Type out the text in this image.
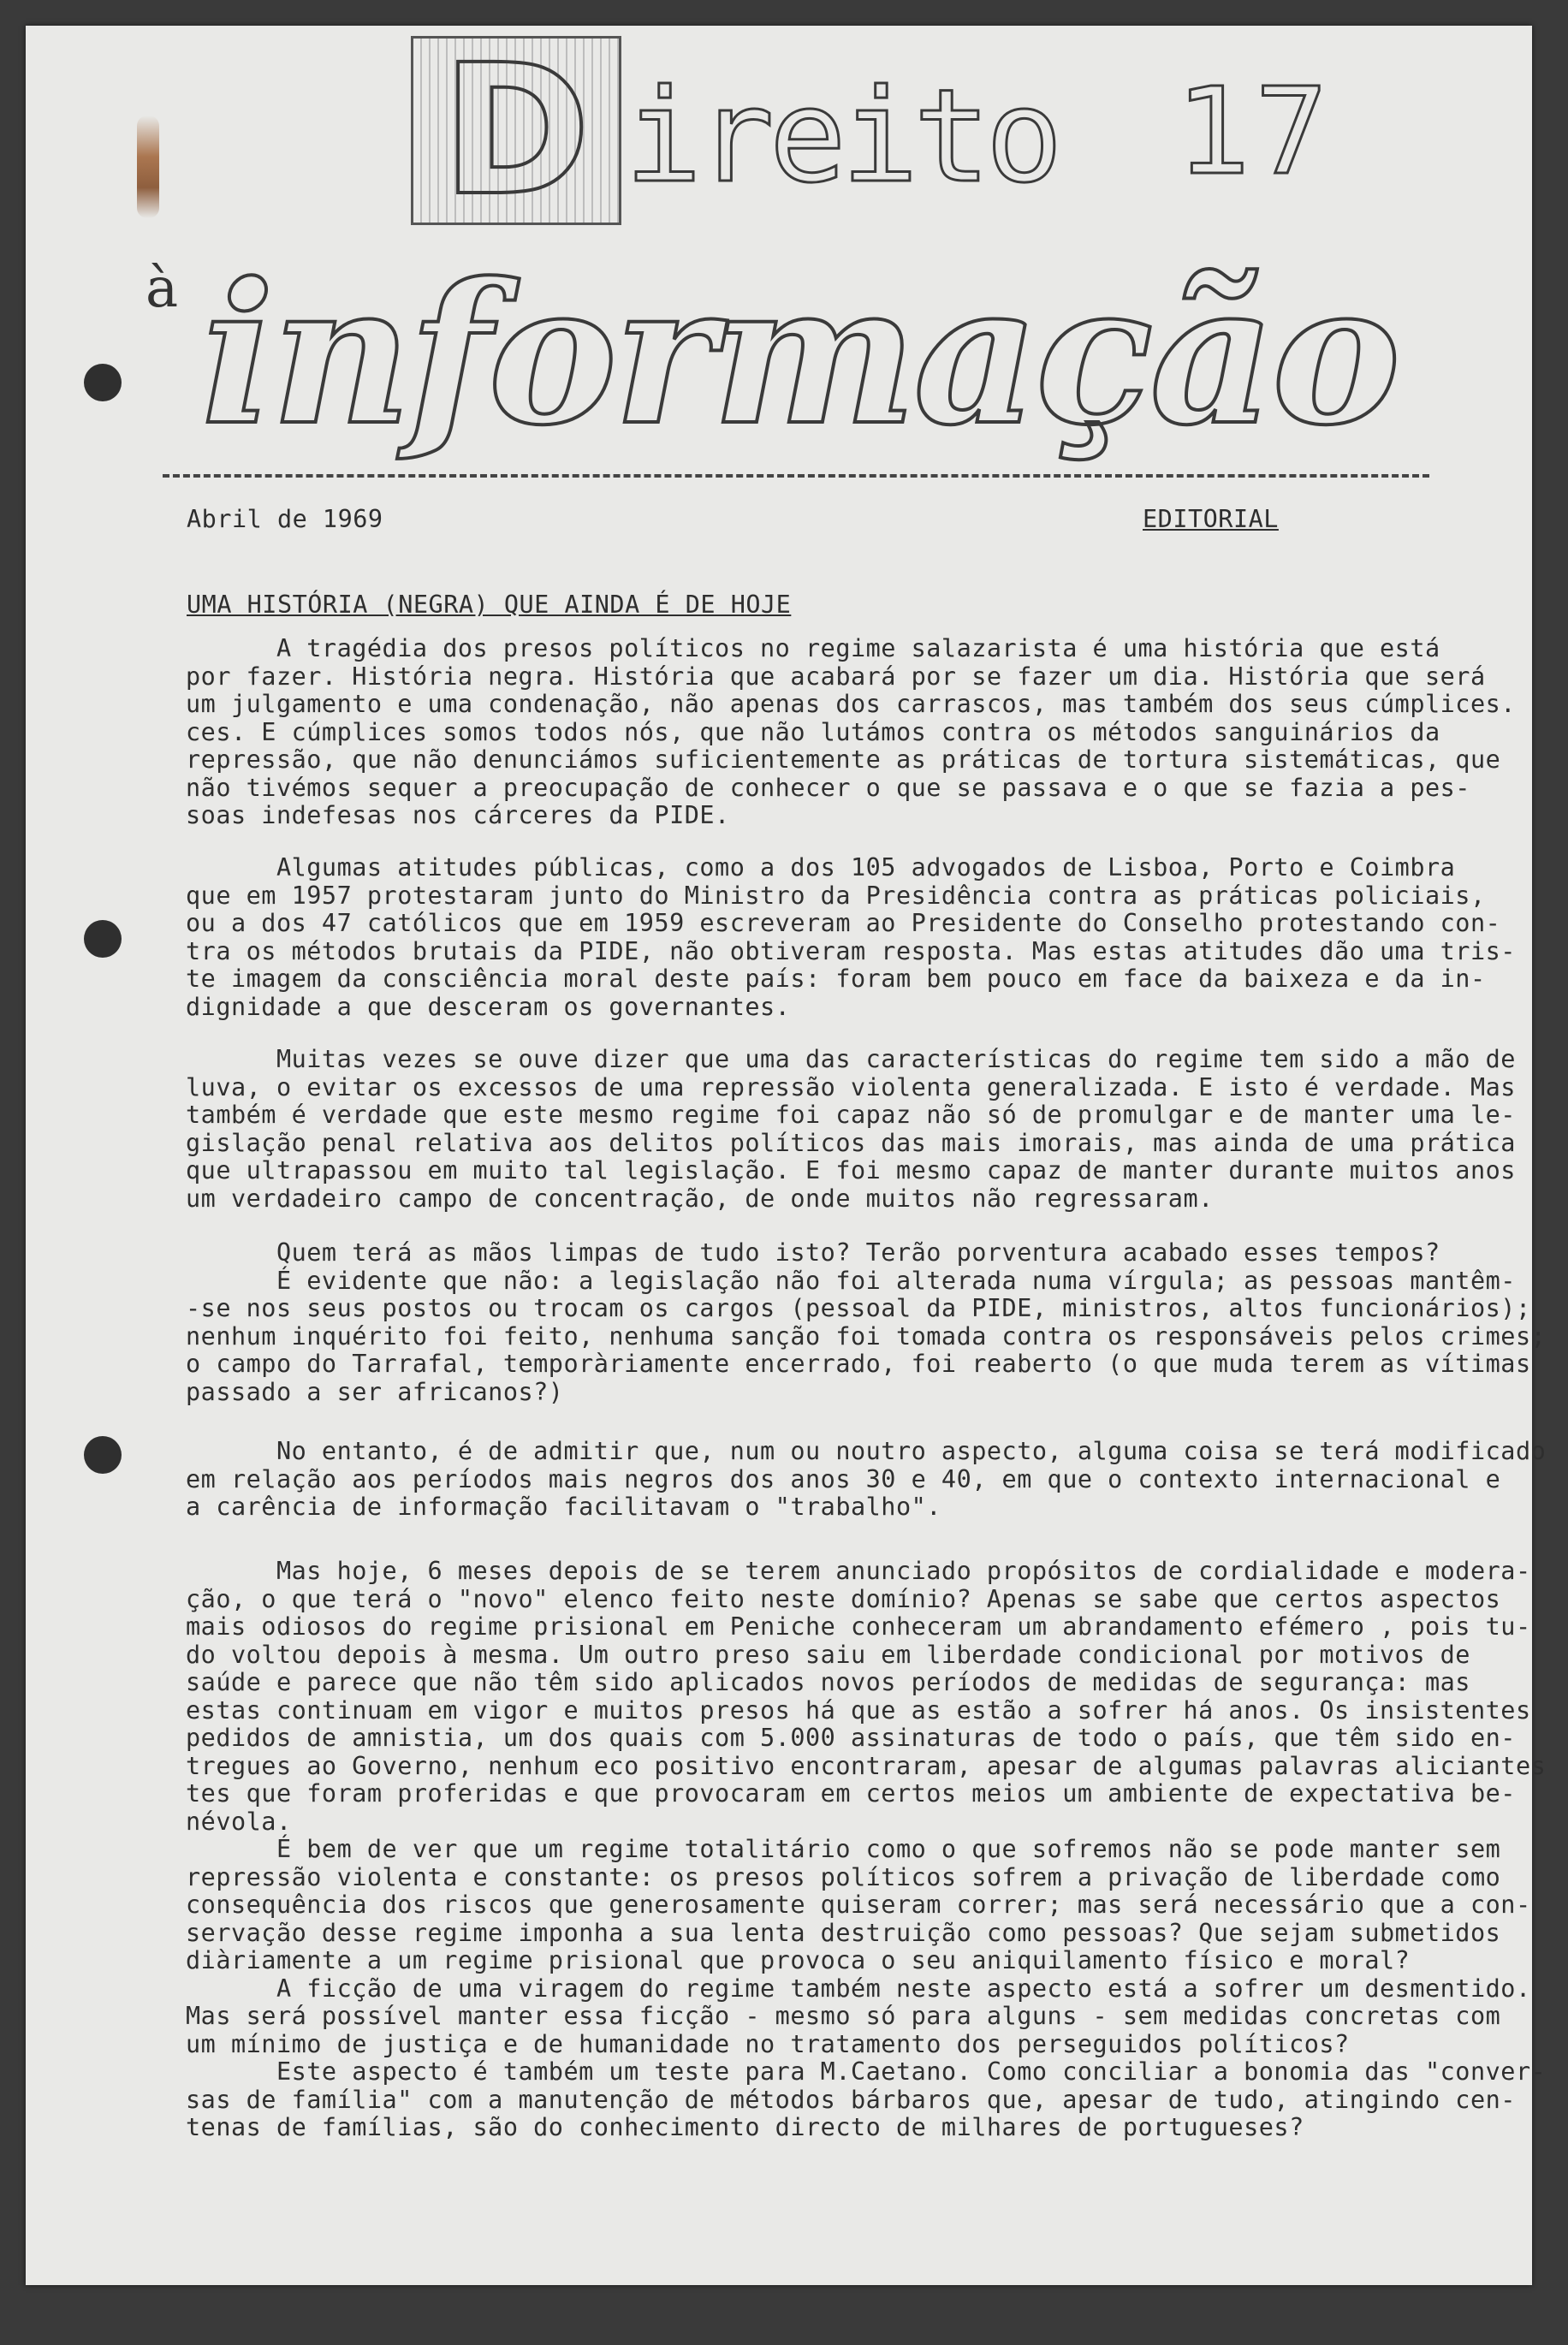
D ireito 17
à informação
Abril de 1969	EDITORIAL
UMA HISTÓRIA (NEGRA) QUE AINDA É DE HOJE
A tragédia dos presos políticos no regime salazarista é uma história que está
por fazer. História negra. História que acabará por se fazer um dia. História que será
um julgamento e uma condenação, não apenas dos carrascos, mas também dos seus cúmplices.
ces. E cúmplices somos todos nós, que não lutámos contra os métodos sanguinários da
repressão, que não denunciámos suficientemente as práticas de tortura sistemáticas, que
não tivémos sequer a preocupação de conhecer o que se passava e o que se fazia a pes-
soas indefesas nos cárceres da PIDE.
Algumas atitudes públicas, como a dos 105 advogados de Lisboa, Porto e Coimbra
que em 1957 protestaram junto do Ministro da Presidência contra as práticas policiais,
ou a dos 47 católicos que em 1959 escreveram ao Presidente do Conselho protestando con-
tra os métodos brutais da PIDE, não obtiveram resposta. Mas estas atitudes dão uma tris-
te imagem da consciência moral deste país: foram bem pouco em face da baixeza e da in-
dignidade a que desceram os governantes.
Muitas vezes se ouve dizer que uma das características do regime tem sido a mão de
luva, o evitar os excessos de uma repressão violenta generalizada. E isto é verdade. Mas
também é verdade que este mesmo regime foi capaz não só de promulgar e de manter uma le-
gislação penal relativa aos delitos políticos das mais imorais, mas ainda de uma prática
que ultrapassou em muito tal legislação. E foi mesmo capaz de manter durante muitos anos
um verdadeiro campo de concentração, de onde muitos não regressaram.
Quem terá as mãos limpas de tudo isto? Terão porventura acabado esses tempos?
É evidente que não: a legislação não foi alterada numa vírgula; as pessoas mantêm-
-se nos seus postos ou trocam os cargos (pessoal da PIDE, ministros, altos funcionários);
nenhum inquérito foi feito, nenhuma sanção foi tomada contra os responsáveis pelos crimes;
o campo do Tarrafal, temporàriamente encerrado, foi reaberto (o que muda terem as vítimas
passado a ser africanos?)
No entanto, é de admitir que, num ou noutro aspecto, alguma coisa se terá modificado
em relação aos períodos mais negros dos anos 30 e 40, em que o contexto internacional e
a carência de informação facilitavam o "trabalho".
Mas hoje, 6 meses depois de se terem anunciado propósitos de cordialidade e modera-
ção, o que terá o "novo" elenco feito neste domínio? Apenas se sabe que certos aspectos
mais odiosos do regime prisional em Peniche conheceram um abrandamento efémero , pois tu-
do voltou depois à mesma. Um outro preso saiu em liberdade condicional por motivos de
saúde e parece que não têm sido aplicados novos períodos de medidas de segurança: mas
estas continuam em vigor e muitos presos há que as estão a sofrer há anos. Os insistentes
pedidos de amnistia, um dos quais com 5.000 assinaturas de todo o país, que têm sido en-
tregues ao Governo, nenhum eco positivo encontraram, apesar de algumas palavras aliciantes
tes que foram proferidas e que provocaram em certos meios um ambiente de expectativa be-
névola.
É bem de ver que um regime totalitário como o que sofremos não se pode manter sem
repressão violenta e constante: os presos políticos sofrem a privação de liberdade como
consequência dos riscos que generosamente quiseram correr; mas será necessário que a con-
servação desse regime imponha a sua lenta destruição como pessoas? Que sejam submetidos
diàriamente a um regime prisional que provoca o seu aniquilamento físico e moral?
A ficção de uma viragem do regime também neste aspecto está a sofrer um desmentido.
Mas será possível manter essa ficção - mesmo só para alguns - sem medidas concretas com
um mínimo de justiça e de humanidade no tratamento dos perseguidos políticos?
Este aspecto é também um teste para M.Caetano. Como conciliar a bonomia das "conver-
sas de família" com a manutenção de métodos bárbaros que, apesar de tudo, atingindo cen-
tenas de famílias, são do conhecimento directo de milhares de portugueses?
